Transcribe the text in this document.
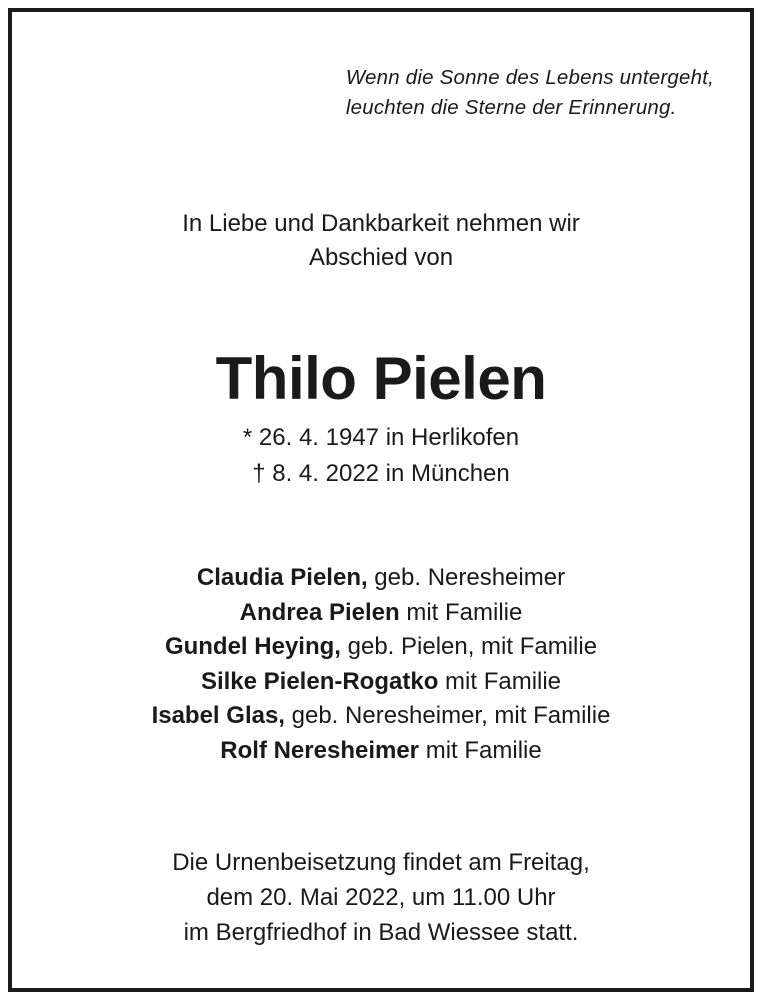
Wenn die Sonne des Lebens untergeht,
leuchten die Sterne der Erinnerung.
In Liebe und Dankbarkeit nehmen wir
Abschied von
Thilo Pielen
* 26. 4. 1947 in Herlikofen
† 8. 4. 2022 in München
Claudia Pielen, geb. Neresheimer
Andrea Pielen mit Familie
Gundel Heying, geb. Pielen, mit Familie
Silke Pielen-Rogatko mit Familie
Isabel Glas, geb. Neresheimer, mit Familie
Rolf Neresheimer mit Familie
Die Urnenbeisetzung findet am Freitag,
dem 20. Mai 2022, um 11.00 Uhr
im Bergfriedhof in Bad Wiessee statt.
